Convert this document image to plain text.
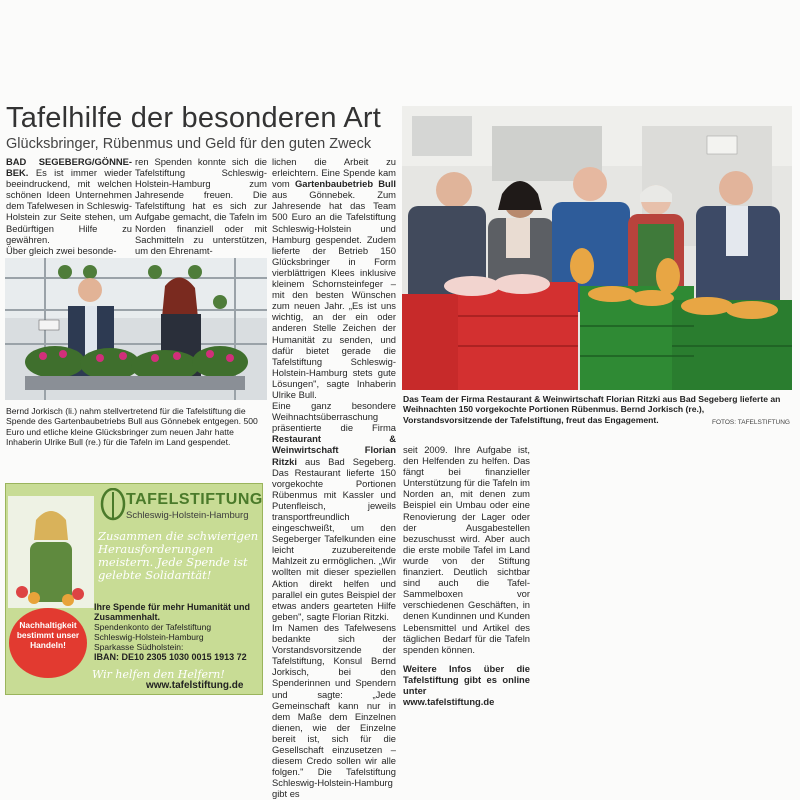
Tafelhilfe der besonderen Art
Glücksbringer, Rübenmus und Geld für den guten Zweck

BAD SEGEBERG/GÖNNE-BEK. Es ist immer wieder beeindruckend, mit welchen schönen Ideen Unternehmen dem Tafelwesen in Schleswig-Holstein zur Seite stehen, um Bedürftigen Hilfe zu gewähren.

Über gleich zwei besonde-

ren Spenden konnte sich die Tafelstiftung Schleswig-Holstein-Hamburg zum Jahresende freuen. Die Tafelstiftung hat es sich zur Aufgabe gemacht, die Tafeln im Norden finanziell oder mit Sachmitteln zu unterstützen, um den Ehrenamt-

lichen die Arbeit zu erleichtern. Eine Spende kam vom Gartenbaubetrieb Bull aus Gönnebek. Zum Jahresende hat das Team 500 Euro an die Tafelstiftung Schleswig-Holstein und Hamburg gespendet. Zudem lieferte der Betrieb 150 Glücksbringer in Form vierblättrigen Klees inklusive kleinem Schornsteinfeger – mit den besten Wünschen zum neuen Jahr. „Es ist uns wichtig, an der ein oder anderen Stelle Zeichen der Humanität zu senden, und dafür bietet gerade die Tafelstiftung Schleswig-Holstein-Hamburg stets gute Lösungen", sagte Inhaberin Ulrike Bull.

Eine ganz besondere Weihnachtsüberraschung präsentierte die Firma Restaurant & Weinwirtschaft Florian Ritzki aus Bad Segeberg. Das Restaurant lieferte 150 vorgekochte Portionen Rübenmus mit Kassler und Putenfleisch, jeweils transportfreundlich eingeschweißt, um den Segeberger Tafelkunden eine leicht zuzubereitende Mahlzeit zu ermöglichen. „Wir wollten mit dieser speziellen Aktion direkt helfen und parallel ein gutes Beispiel der etwas anders gearteten Hilfe geben", sagte Florian Ritzki.

Im Namen des Tafelwesens bedankte sich der Vorstandsvorsitzende der Tafelstiftung, Konsul Bernd Jorkisch, bei den Spenderinnen und Spendern und sagte: „Jede Gemeinschaft kann nur in dem Maße dem Einzelnen dienen, wie der Einzelne bereit ist, sich für die Gesellschaft einzusetzen – diesem Credo sollen wir alle folgen." Die Tafelstiftung Schleswig-Holstein-Hamburg gibt es

seit 2009. Ihre Aufgabe ist, den Helfenden zu helfen. Das fängt bei finanzieller Unterstützung für die Tafeln im Norden an, mit denen zum Beispiel ein Umbau oder eine Renovierung der Lager oder der Ausgabestellen bezuschusst wird. Aber auch die erste mobile Tafel im Land wurde von der Stiftung finanziert. Deutlich sichtbar sind auch die Tafel-Sammelboxen vor verschiedenen Geschäften, in denen Kundinnen und Kunden Lebensmittel und Artikel des täglichen Bedarf für die Tafeln spenden können.

Weitere Infos über die Tafelstiftung gibt es online unter
www.tafelstiftung.de

Bernd Jorkisch (li.) nahm stellvertretend für die Tafelstiftung die Spende des Gartenbaubetriebs Bull aus Gönnebek entgegen. 500 Euro und etliche kleine Glücksbringer zum neuen Jahr hatte Inhaberin Ulrike Bull (re.) für die Tafeln im Land gespendet.
Das Team der Firma Restaurant & Weinwirtschaft Florian Ritzki aus Bad Segeberg lieferte an Weihnachten 150 vorgekochte Portionen Rübenmus. Bernd Jorkisch (re.), Vorstandsvorsitzende der Tafelstiftung, freut das Engagement.	FOTOS: TAFELSTIFTUNG
TAFELSTIFTUNG
Schleswig-Holstein-Hamburg
Zusammen die schwierigen Herausforderungen meistern. Jede Spende ist gelebte Solidarität!
Ihre Spende für mehr Humanität und Zusammenhalt.
Spendenkonto der Tafelstiftung
Schleswig-Holstein-Hamburg
Sparkasse Südholstein:
IBAN: DE10 2305 1030 0015 1913 72
Wir helfen den Helfern!
www.tafelstiftung.de
Nachhaltigkeit bestimmt unser Handeln!
